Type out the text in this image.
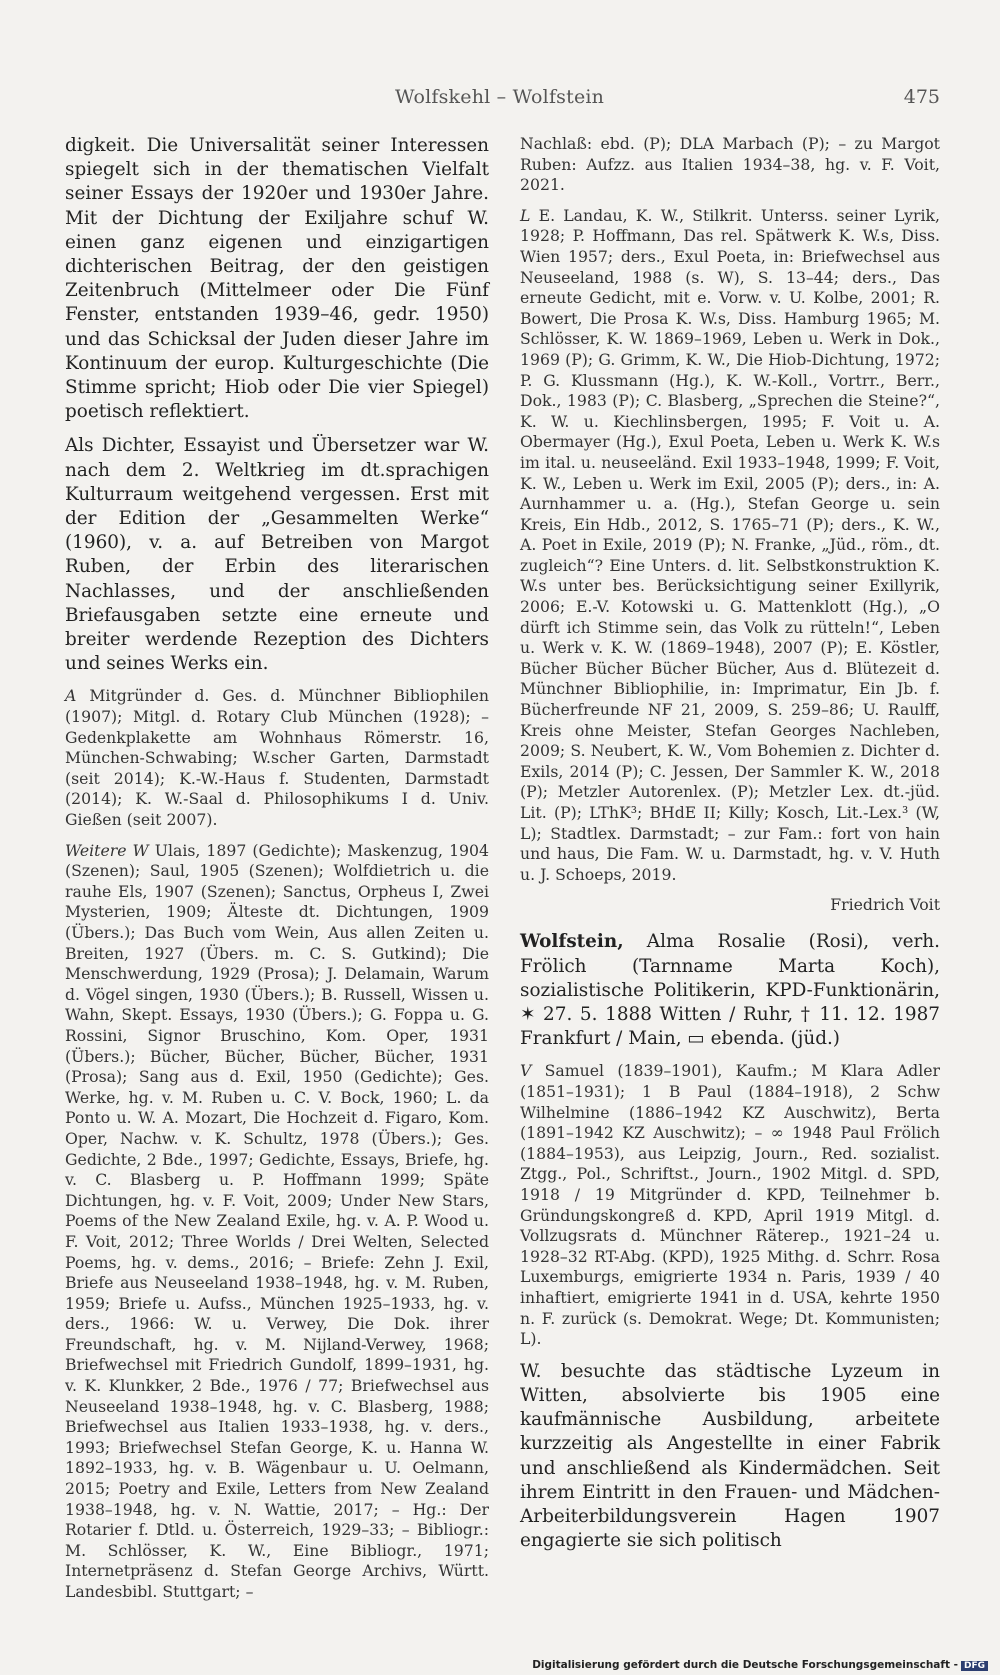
Wolfskehl – Wolfstein	475

digkeit. Die Universalität seiner Interessen spiegelt sich in der thematischen Vielfalt seiner Essays der 1920er und 1930er Jahre. Mit der Dichtung der Exiljahre schuf W. einen ganz eigenen und einzigartigen dichterischen Beitrag, der den geistigen Zeitenbruch (Mittelmeer oder Die Fünf Fenster, entstanden 1939–46, gedr. 1950) und das Schicksal der Juden dieser Jahre im Kontinuum der europ. Kulturgeschichte (Die Stimme spricht; Hiob oder Die vier Spiegel) poetisch reflektiert.

Als Dichter, Essayist und Übersetzer war W. nach dem 2. Weltkrieg im dt.sprachigen Kulturraum weitgehend vergessen. Erst mit der Edition der „Gesammelten Werke“ (1960), v. a. auf Betreiben von Margot Ruben, der Erbin des literarischen Nachlasses, und der anschließenden Briefausgaben setzte eine erneute und breiter werdende Rezeption des Dichters und seines Werks ein.

A Mitgründer d. Ges. d. Münchner Bibliophilen (1907); Mitgl. d. Rotary Club München (1928); – Gedenkplakette am Wohnhaus Römerstr. 16, München-Schwabing; W.scher Garten, Darmstadt (seit 2014); K.-W.-Haus f. Studenten, Darmstadt (2014); K. W.-Saal d. Philosophikums I d. Univ. Gießen (seit 2007).

Weitere W Ulais, 1897 (Gedichte); Maskenzug, 1904 (Szenen); Saul, 1905 (Szenen); Wolfdietrich u. die rauhe Els, 1907 (Szenen); Sanctus, Orpheus I, Zwei Mysterien, 1909; Älteste dt. Dichtungen, 1909 (Übers.); Das Buch vom Wein, Aus allen Zeiten u. Breiten, 1927 (Übers. m. C. S. Gutkind); Die Menschwerdung, 1929 (Prosa); J. Delamain, Warum d. Vögel singen, 1930 (Übers.); B. Russell, Wissen u. Wahn, Skept. Essays, 1930 (Übers.); G. Foppa u. G. Rossini, Signor Bruschino, Kom. Oper, 1931 (Übers.); Bücher, Bücher, Bücher, Bücher, 1931 (Prosa); Sang aus d. Exil, 1950 (Gedichte); Ges. Werke, hg. v. M. Ruben u. C. V. Bock, 1960; L. da Ponto u. W. A. Mozart, Die Hochzeit d. Figaro, Kom. Oper, Nachw. v. K. Schultz, 1978 (Übers.); Ges. Gedichte, 2 Bde., 1997; Gedichte, Essays, Briefe, hg. v. C. Blasberg u. P. Hoffmann 1999; Späte Dichtungen, hg. v. F. Voit, 2009; Under New Stars, Poems of the New Zealand Exile, hg. v. A. P. Wood u. F. Voit, 2012; Three Worlds / Drei Welten, Selected Poems, hg. v. dems., 2016; – Briefe: Zehn J. Exil, Briefe aus Neuseeland 1938–1948, hg. v. M. Ruben, 1959; Briefe u. Aufss., München 1925–1933, hg. v. ders., 1966: W. u. Verwey, Die Dok. ihrer Freundschaft, hg. v. M. Nijland-Verwey, 1968; Briefwechsel mit Friedrich Gundolf, 1899–1931, hg. v. K. Klunkker, 2 Bde., 1976 / 77; Briefwechsel aus Neuseeland 1938–1948, hg. v. C. Blasberg, 1988; Briefwechsel aus Italien 1933–1938, hg. v. ders., 1993; Briefwechsel Stefan George, K. u. Hanna W. 1892–1933, hg. v. B. Wägenbaur u. U. Oelmann, 2015; Poetry and Exile, Letters from New Zealand 1938–1948, hg. v. N. Wattie, 2017; – Hg.: Der Rotarier f. Dtld. u. Österreich, 1929–33; – Bibliogr.: M. Schlösser, K. W., Eine Bibliogr., 1971; Internetpräsenz d. Stefan George Archivs, Württ. Landesbibl. Stuttgart; –

Nachlaß: ebd. (P); DLA Marbach (P); – zu Margot Ruben: Aufzz. aus Italien 1934–38, hg. v. F. Voit, 2021.

L E. Landau, K. W., Stilkrit. Unterss. seiner Lyrik, 1928; P. Hoffmann, Das rel. Spätwerk K. W.s, Diss. Wien 1957; ders., Exul Poeta, in: Briefwechsel aus Neuseeland, 1988 (s. W), S. 13–44; ders., Das erneute Gedicht, mit e. Vorw. v. U. Kolbe, 2001; R. Bowert, Die Prosa K. W.s, Diss. Hamburg 1965; M. Schlösser, K. W. 1869–1969, Leben u. Werk in Dok., 1969 (P); G. Grimm, K. W., Die Hiob-Dichtung, 1972; P. G. Klussmann (Hg.), K. W.-Koll., Vortrr., Berr., Dok., 1983 (P); C. Blasberg, „Sprechen die Steine?“, K. W. u. Kiechlinsbergen, 1995; F. Voit u. A. Obermayer (Hg.), Exul Poeta, Leben u. Werk K. W.s im ital. u. neuseeländ. Exil 1933–1948, 1999; F. Voit, K. W., Leben u. Werk im Exil, 2005 (P); ders., in: A. Aurnhammer u. a. (Hg.), Stefan George u. sein Kreis, Ein Hdb., 2012, S. 1765–71 (P); ders., K. W., A. Poet in Exile, 2019 (P); N. Franke, „Jüd., röm., dt. zugleich“? Eine Unters. d. lit. Selbstkonstruktion K. W.s unter bes. Berücksichtigung seiner Exillyrik, 2006; E.-V. Kotowski u. G. Mattenklott (Hg.), „O dürft ich Stimme sein, das Volk zu rütteln!“, Leben u. Werk v. K. W. (1869–1948), 2007 (P); E. Köstler, Bücher Bücher Bücher Bücher, Aus d. Blütezeit d. Münchner Bibliophilie, in: Imprimatur, Ein Jb. f. Bücherfreunde NF 21, 2009, S. 259–86; U. Raulff, Kreis ohne Meister, Stefan Georges Nachleben, 2009; S. Neubert, K. W., Vom Bohemien z. Dichter d. Exils, 2014 (P); C. Jessen, Der Sammler K. W., 2018 (P); Metzler Autorenlex. (P); Metzler Lex. dt.-jüd. Lit. (P); LThK³; BHdE II; Killy; Kosch, Lit.-Lex.³ (W, L); Stadtlex. Darmstadt; – zur Fam.: fort von hain und haus, Die Fam. W. u. Darmstadt, hg. v. V. Huth u. J. Schoeps, 2019.

Friedrich Voit

Wolfstein, Alma Rosalie (Rosi), verh. Frölich (Tarnname Marta Koch), sozialistische Politikerin, KPD-Funktionärin, ✶ 27. 5. 1888 Witten / Ruhr, † 11. 12. 1987 Frankfurt / Main, ▭ ebenda. (jüd.)

V Samuel (1839–1901), Kaufm.; M Klara Adler (1851–1931); 1 B Paul (1884–1918), 2 Schw Wilhelmine (1886–1942 KZ Auschwitz), Berta (1891–1942 KZ Auschwitz); – ∞ 1948 Paul Frölich (1884–1953), aus Leipzig, Journ., Red. sozialist. Ztgg., Pol., Schriftst., Journ., 1902 Mitgl. d. SPD, 1918 / 19 Mitgründer d. KPD, Teilnehmer b. Gründungskongreß d. KPD, April 1919 Mitgl. d. Vollzugsrats d. Münchner Räterep., 1921–24 u. 1928–32 RT-Abg. (KPD), 1925 Mithg. d. Schrr. Rosa Luxemburgs, emigrierte 1934 n. Paris, 1939 / 40 inhaftiert, emigrierte 1941 in d. USA, kehrte 1950 n. F. zurück (s. Demokrat. Wege; Dt. Kommunisten; L).

W. besuchte das städtische Lyzeum in Witten, absolvierte bis 1905 eine kaufmännische Ausbildung, arbeitete kurzzeitig als Angestellte in einer Fabrik und anschließend als Kindermädchen. Seit ihrem Eintritt in den Frauen- und Mädchen-Arbeiterbildungsverein Hagen 1907 engagierte sie sich politisch

Digitalisierung gefördert durch die Deutsche Forschungsgemeinschaft - DFG
